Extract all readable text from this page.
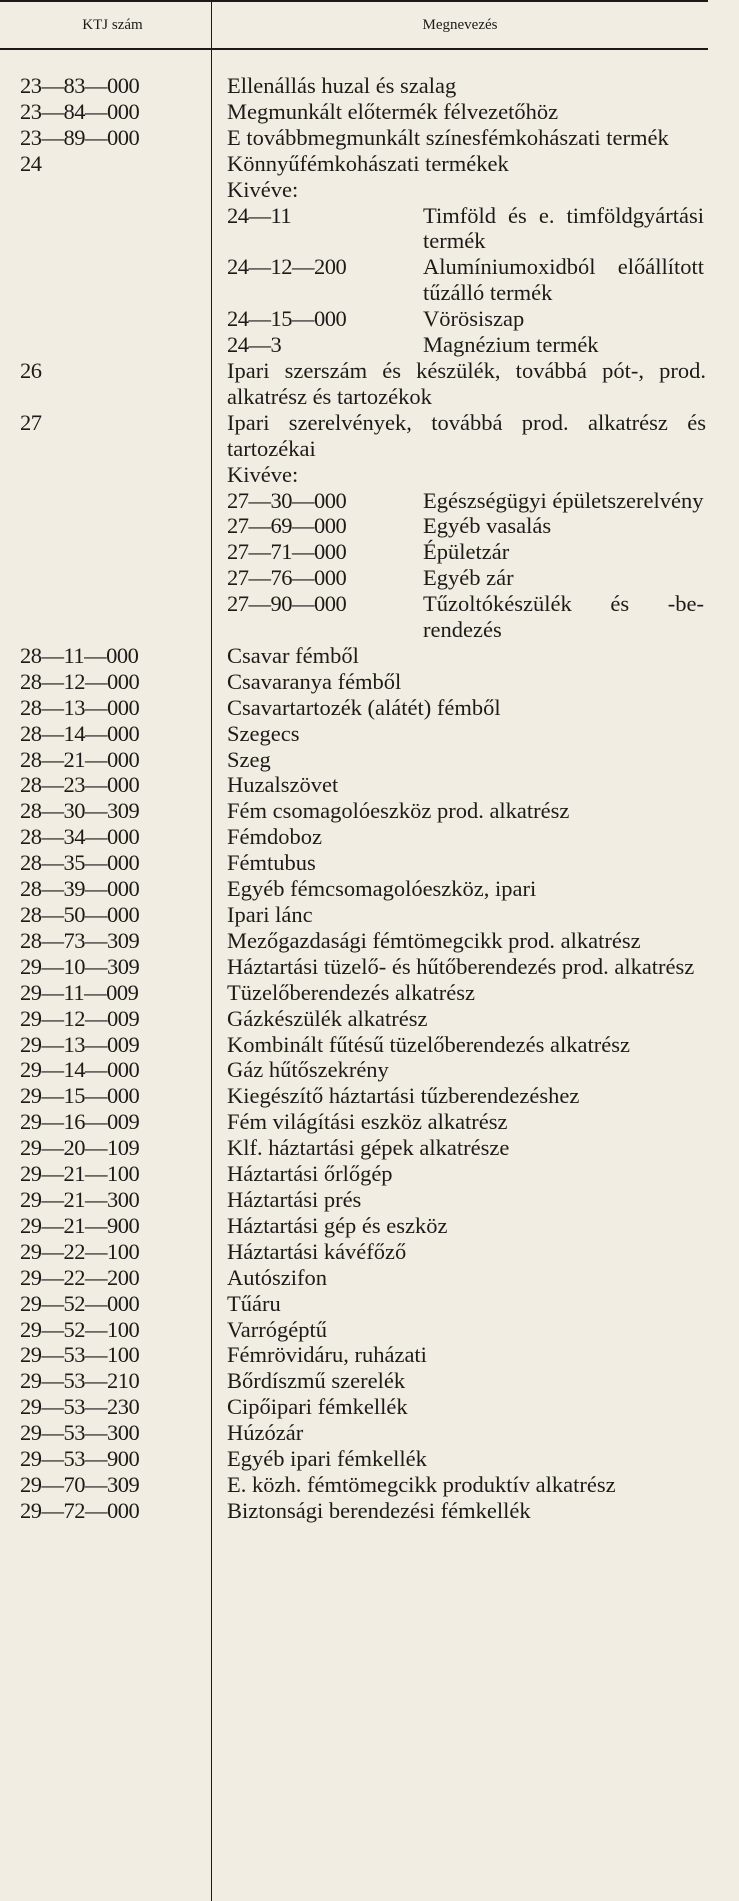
KTJ szám	Megnevezés
23—83—000	Ellenállás huzal és szalag
23—84—000	Megmunkált előtermék félvezetőhöz
23—89—000	E továbbmegmunkált színesfémkohászati termék
24	Könnyűfémkohászati termékek
Kivéve:
24—11	Timföld és e. timföldgyártási termék
24—12—200	Alumíniumoxidból előállított tűzálló termék
24—15—000	Vörösiszap
24—3	Magnézium termék
26	Ipari szerszám és készülék, továbbá pót-, prod. alkatrész és tartozékok
27	Ipari szerelvények, továbbá prod. alkatrész és tartozékai
Kivéve:
27—30—000	Egészségügyi épületszerelvény
27—69—000	Egyéb vasalás
27—71—000	Épületzár
27—76—000	Egyéb zár
27—90—000	Tűzoltókészülék és -berendezés
28—11—000	Csavar fémből
28—12—000	Csavaranya fémből
28—13—000	Csavartartozék (alátét) fémből
28—14—000	Szegecs
28—21—000	Szeg
28—23—000	Huzalszövet
28—30—309	Fém csomagolóeszköz prod. alkatrész
28—34—000	Fémdoboz
28—35—000	Fémtubus
28—39—000	Egyéb fémcsomagolóeszköz, ipari
28—50—000	Ipari lánc
28—73—309	Mezőgazdasági fémtömegcikk prod. alkatrész
29—10—309	Háztartási tüzelő- és hűtőberendezés prod. alkatrész
29—11—009	Tüzelőberendezés alkatrész
29—12—009	Gázkészülék alkatrész
29—13—009	Kombinált fűtésű tüzelőberendezés alkatrész
29—14—000	Gáz hűtőszekrény
29—15—000	Kiegészítő háztartási tűzberendezéshez
29—16—009	Fém világítási eszköz alkatrész
29—20—109	Klf. háztartási gépek alkatrésze
29—21—100	Háztartási őrlőgép
29—21—300	Háztartási prés
29—21—900	Háztartási gép és eszköz
29—22—100	Háztartási kávéfőző
29—22—200	Autószifon
29—52—000	Tűáru
29—52—100	Varrógéptű
29—53—100	Fémrövidáru, ruházati
29—53—210	Bőrdíszmű szerelék
29—53—230	Cipőipari fémkellék
29—53—300	Húzózár
29—53—900	Egyéb ipari fémkellék
29—70—309	E. közh. fémtömegcikk produktív alkatrész
29—72—000	Biztonsági berendezési fémkellék
